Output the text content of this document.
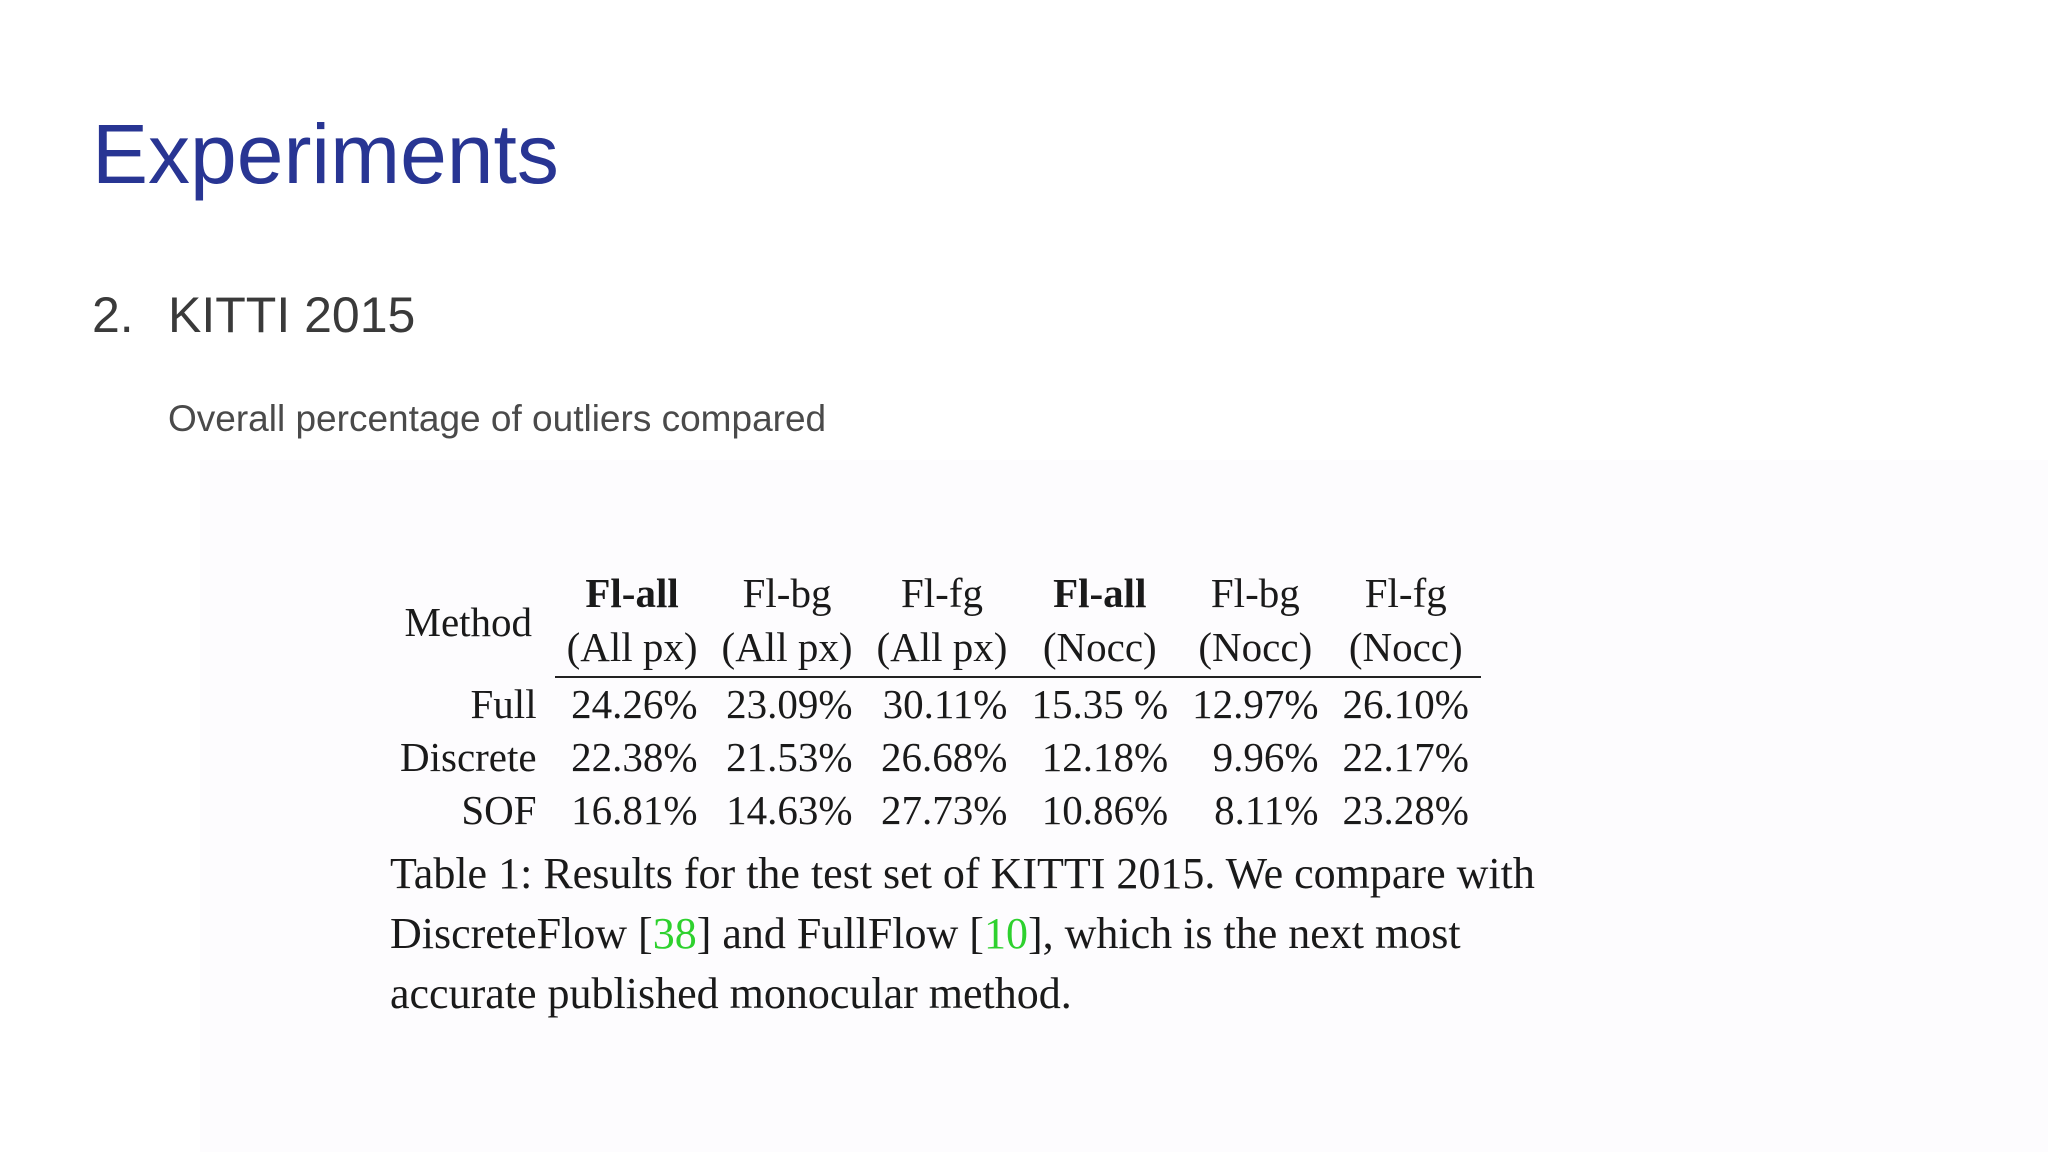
Experiments
2. KITTI 2015
Overall percentage of outliers compared
Method	Fl-all	Fl-bg	Fl-fg	Fl-all	Fl-bg	Fl-fg
	(All px)	(All px)	(All px)	(Nocc)	(Nocc)	(Nocc)
Full	24.26%	23.09%	30.11%	15.35 %	12.97%	26.10%
Discrete	22.38%	21.53%	26.68%	12.18%	9.96%	22.17%
SOF	16.81%	14.63%	27.73%	10.86%	8.11%	23.28%
Table 1: Results for the test set of KITTI 2015. We compare with DiscreteFlow [38] and FullFlow [10], which is the next most accurate published monocular method.
